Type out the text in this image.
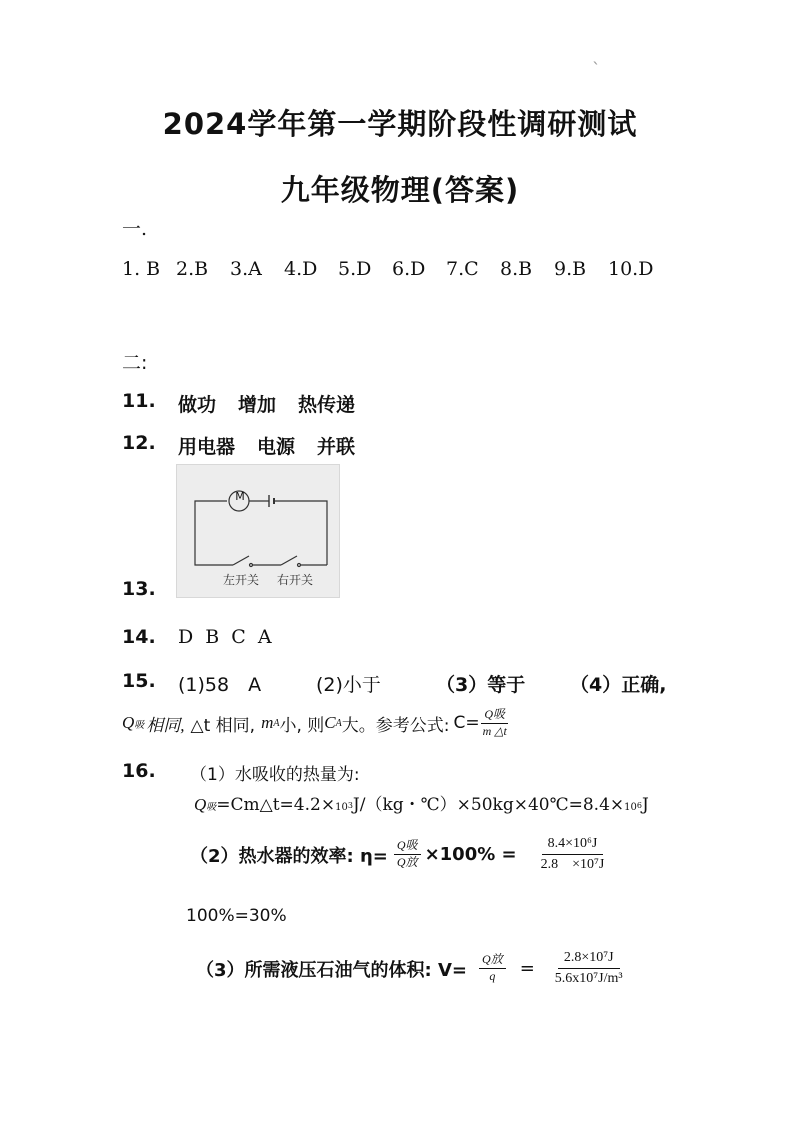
`
2024学年第一学期阶段性调研测试
九年级物理(答案)
一.
1. B 2.B	3.A	4.D	5.D	6.D	7.C	8.B	9.B	10.D
二:
11. 做功 增加 热传递
12. 用电器 电源 并联
13.
M
左开关 右开关
14. D B C A
15. (1)58　A	(2)小于	（3）等于 （4）正确,
Q 吸 相同, △t 相同, m A 小, 则 C A 大。参考公式: $C= \frac{\text{Q吸}}{m \triangle t}$
16. （1）水吸收的热量为:
Q 吸 =Cm△t=4.2× $10^3$ J/（kg・$℃)\times 50kg\times 40℃=8.4\times_{10}^6$ J
（2）热水器的效率: $\eta= \frac{\text{Q吸}}{\text{Q放}} \times 100\% = \frac{\text{8.4×10⁶J}}{\text{2.8　×10⁷J}}$
100%=30%
（3）所需液压石油气的体积: $V= \frac{\text{Q放}}{q} = \frac{\text{2.8×10⁷J}}{\text{5.6x10⁷J/m³}}$
